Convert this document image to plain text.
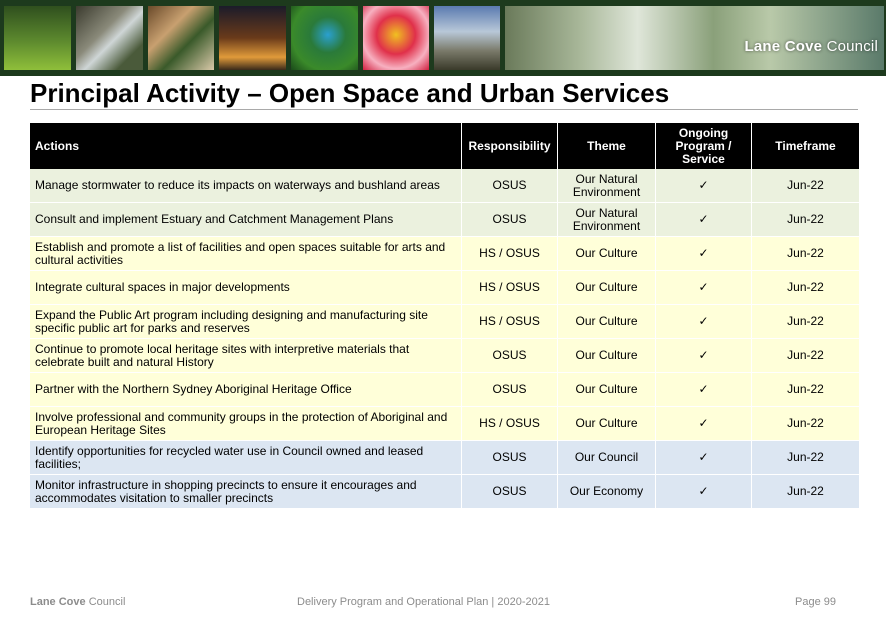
Lane Cove Council
Principal Activity – Open Space and Urban Services
Actions	Responsibility	Theme	Ongoing Program / Service	Timeframe
Manage stormwater to reduce its impacts on waterways and bushland areas	OSUS	Our Natural Environment	✓	Jun-22
Consult and implement Estuary and Catchment Management Plans	OSUS	Our Natural Environment	✓	Jun-22
Establish and promote a list of facilities and open spaces suitable for arts and cultural activities	HS / OSUS	Our Culture	✓	Jun-22
Integrate cultural spaces in major developments	HS / OSUS	Our Culture	✓	Jun-22
Expand the Public Art program including designing and manufacturing site specific public art for parks and reserves	HS / OSUS	Our Culture	✓	Jun-22
Continue to promote local heritage sites with interpretive materials that celebrate built and natural History	OSUS	Our Culture	✓	Jun-22
Partner with the Northern Sydney Aboriginal Heritage Office	OSUS	Our Culture	✓	Jun-22
Involve professional and community groups in the protection of Aboriginal and European Heritage Sites	HS / OSUS	Our Culture	✓	Jun-22
Identify opportunities for recycled water use in Council owned and leased facilities;	OSUS	Our Council	✓	Jun-22
Monitor infrastructure in shopping precincts to ensure it encourages and accommodates visitation to smaller precincts	OSUS	Our Economy	✓	Jun-22
Lane Cove Council	Delivery Program and Operational Plan | 2020-2021	Page 99
